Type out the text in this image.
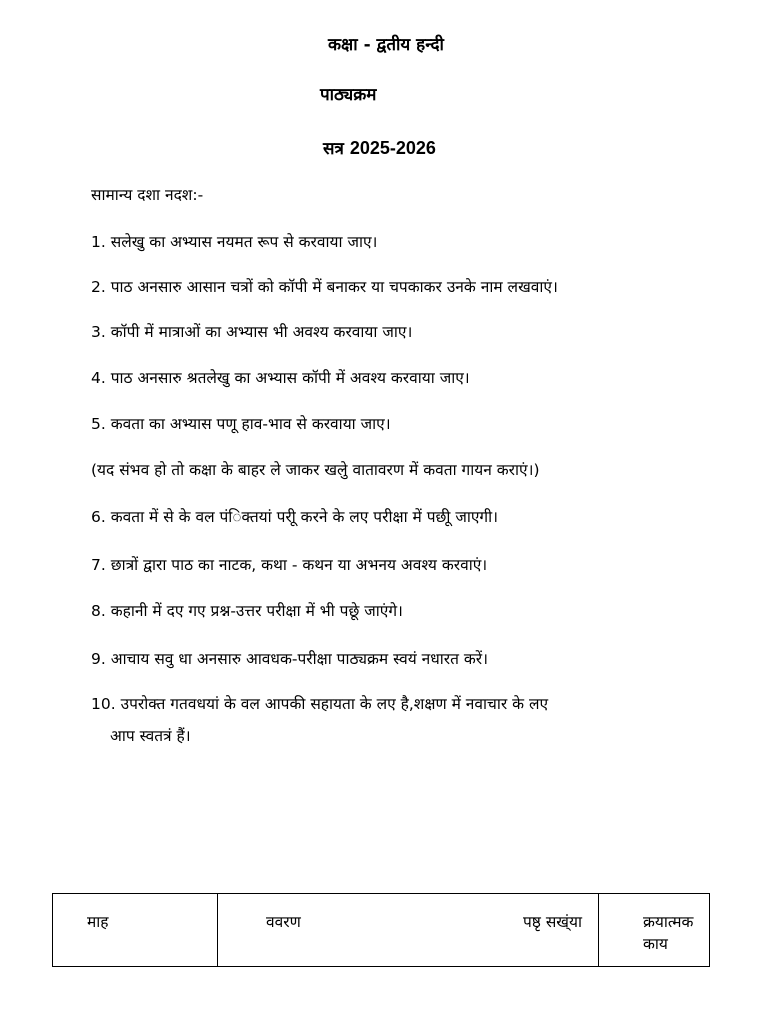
कक्षा - द्वतीय हन्दी
पाठ्यक्रम
सत्र 2025-2026
सामान्य दशा नदश:-
1. सलेखु का अभ्यास नयमत रूप से करवाया जाए।
2. पाठ अनसारु आसान चत्रों को कॉपी में बनाकर या चपकाकर उनके नाम लखवाएं।
3. कॉपी में मात्राओं का अभ्यास भी अवश्य करवाया जाए।
4. पाठ अनसारु श्रतलेखु का अभ्यास कॉपी में अवश्य करवाया जाए।
5. कवता का अभ्यास पणू हाव-भाव से करवाया जाए।
(यद संभव हो तो कक्षा के बाहर ले जाकर खलेु वातावरण में कवता गायन कराएं।)
6. कवता में से के वल पंिक्तयां परीू करने के लए परीक्षा में पछीू जाएगी।
7. छात्रों द्वारा पाठ का नाटक, कथा - कथन या अभनय अवश्य करवाएं।
8. कहानी में दए गए प्रश्न-उत्तर परीक्षा में भी पछूे जाएंगे।
9. आचाय सवु धा अनसारु आवधक-परीक्षा पाठ्यक्रम स्वयं नधारत करें।
10. उपरोक्त गतवधयां के वल आपकी सहायता के लए है,शक्षण में नवाचार के लए
आप स्वतत्रं हैं।
माह	ववरण	पष्ठृ सख्ंया	क्रयात्मक काय
